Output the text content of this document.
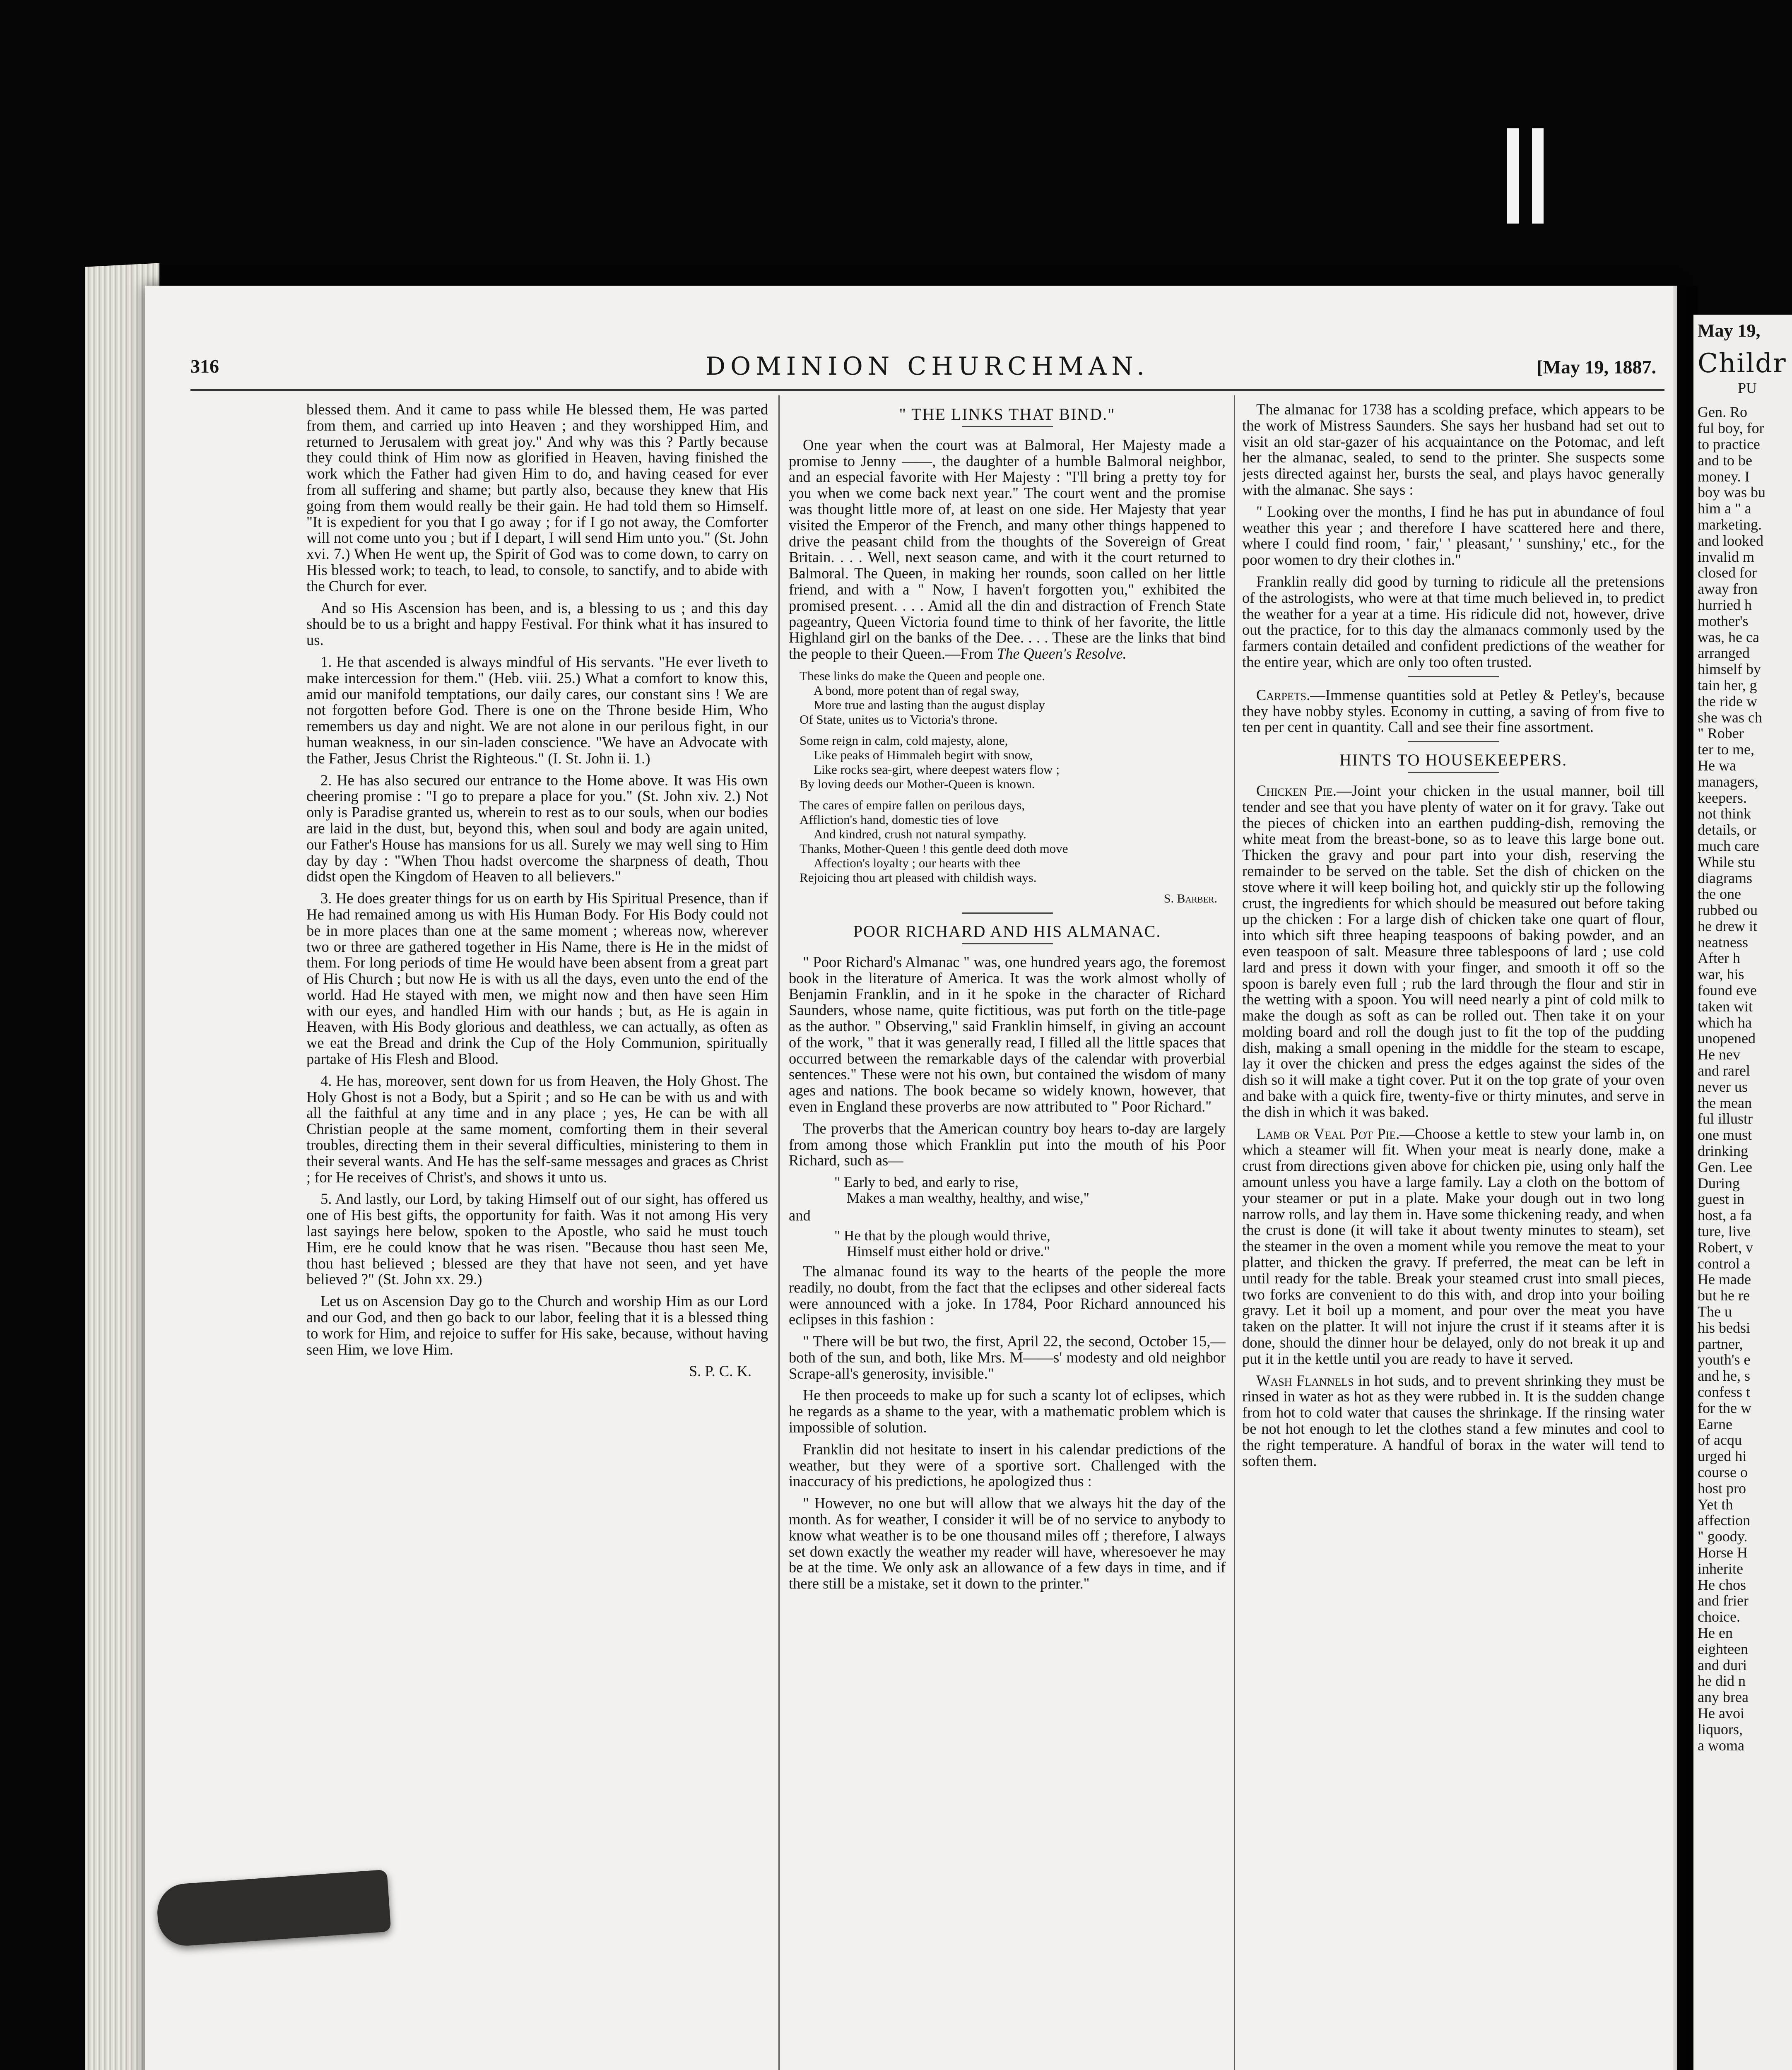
May 19,
Childr
PU
Gen. Ro
ful boy, for
to practice
and to be
money. I
boy was bu
him a " a
marketing.
and looked
invalid m
closed for
away fron
hurried h
mother's
was, he ca
arranged
himself by
tain her, g
the ride w
she was ch
" Rober
ter to me,
He wa
managers,
keepers.
not think
details, or
much care
While stu
diagrams
the one
rubbed ou
he drew it
neatness
After h
war, his
found eve
taken wit
which ha
unopened
He nev
and rarel
never us
the mean
ful illustr
one must
drinking
Gen. Lee
During
guest in
host, a fa
ture, live
Robert, v
control a
He made
but he re
The u
his bedsi
partner,
youth's e
and he, s
confess t
for the w
Earne
of acqu
urged hi
course o
host pro
Yet th
affection
" goody.
Horse H
inherite
He chos
and frier
choice.
He en
eighteen
and duri
he did n
any brea
He avoi
liquors,
a woma
316	DOMINION CHURCHMAN.	[May 19, 1887.

blessed them. And it came to pass while He blessed them, He was parted from them, and carried up into Heaven ; and they worshipped Him, and returned to Jerusalem with great joy." And why was this ? Partly because they could think of Him now as glorified in Heaven, having finished the work which the Father had given Him to do, and having ceased for ever from all suffering and shame; but partly also, because they knew that His going from them would really be their gain. He had told them so Himself. "It is expedient for you that I go away ; for if I go not away, the Comforter will not come unto you ; but if I depart, I will send Him unto you." (St. John xvi. 7.) When He went up, the Spirit of God was to come down, to carry on His blessed work; to teach, to lead, to console, to sanctify, and to abide with the Church for ever.

And so His Ascension has been, and is, a blessing to us ; and this day should be to us a bright and happy Festival. For think what it has insured to us.

1. He that ascended is always mindful of His servants. "He ever liveth to make intercession for them." (Heb. viii. 25.) What a comfort to know this, amid our manifold temptations, our daily cares, our constant sins ! We are not forgotten before God. There is one on the Throne beside Him, Who remembers us day and night. We are not alone in our perilous fight, in our human weakness, in our sin-laden conscience. "We have an Advocate with the Father, Jesus Christ the Righteous." (I. St. John ii. 1.)

2. He has also secured our entrance to the Home above. It was His own cheering promise : "I go to prepare a place for you." (St. John xiv. 2.) Not only is Paradise granted us, wherein to rest as to our souls, when our bodies are laid in the dust, but, beyond this, when soul and body are again united, our Father's House has mansions for us all. Surely we may well sing to Him day by day : "When Thou hadst overcome the sharpness of death, Thou didst open the Kingdom of Heaven to all believers."

3. He does greater things for us on earth by His Spiritual Presence, than if He had remained among us with His Human Body. For His Body could not be in more places than one at the same moment ; whereas now, wherever two or three are gathered together in His Name, there is He in the midst of them. For long periods of time He would have been absent from a great part of His Church ; but now He is with us all the days, even unto the end of the world. Had He stayed with men, we might now and then have seen Him with our eyes, and handled Him with our hands ; but, as He is again in Heaven, with His Body glorious and deathless, we can actually, as often as we eat the Bread and drink the Cup of the Holy Communion, spiritually partake of His Flesh and Blood.

4. He has, moreover, sent down for us from Heaven, the Holy Ghost. The Holy Ghost is not a Body, but a Spirit ; and so He can be with us and with all the faithful at any time and in any place ; yes, He can be with all Christian people at the same moment, comforting them in their several troubles, directing them in their several difficulties, ministering to them in their several wants. And He has the self-same messages and graces as Christ ; for He receives of Christ's, and shows it unto us.

5. And lastly, our Lord, by taking Himself out of our sight, has offered us one of His best gifts, the opportunity for faith. Was it not among His very last sayings here below, spoken to the Apostle, who said he must touch Him, ere he could know that he was risen. "Because thou hast seen Me, thou hast believed ; blessed are they that have not seen, and yet have believed ?" (St. John xx. 29.)

Let us on Ascension Day go to the Church and worship Him as our Lord and our God, and then go back to our labor, feeling that it is a blessed thing to work for Him, and rejoice to suffer for His sake, because, without having seen Him, we love Him.

S. P. C. K.
" THE LINKS THAT BIND."

One year when the court was at Balmoral, Her Majesty made a promise to Jenny ——, the daughter of a humble Balmoral neighbor, and an especial favorite with Her Majesty : "I'll bring a pretty toy for you when we come back next year." The court went and the promise was thought little more of, at least on one side. Her Majesty that year visited the Emperor of the French, and many other things happened to drive the peasant child from the thoughts of the Sovereign of Great Britain. . . . Well, next season came, and with it the court returned to Balmoral. The Queen, in making her rounds, soon called on her little friend, and with a " Now, I haven't forgotten you," exhibited the promised present. . . . Amid all the din and distraction of French State pageantry, Queen Victoria found time to think of her favorite, the little Highland girl on the banks of the Dee. . . . These are the links that bind the people to their Queen.—From The Queen's Resolve.

These links do make the Queen and people one.
A bond, more potent than of regal sway,
More true and lasting than the august display
Of State, unites us to Victoria's throne.
Some reign in calm, cold majesty, alone,
Like peaks of Himmaleh begirt with snow,
Like rocks sea-girt, where deepest waters flow ;
By loving deeds our Mother-Queen is known.
The cares of empire fallen on perilous days,
Affliction's hand, domestic ties of love
And kindred, crush not natural sympathy.
Thanks, Mother-Queen ! this gentle deed doth move
Affection's loyalty ; our hearts with thee
Rejoicing thou art pleased with childish ways.
S. Barber.
POOR RICHARD AND HIS ALMANAC.

" Poor Richard's Almanac " was, one hundred years ago, the foremost book in the literature of America. It was the work almost wholly of Benjamin Franklin, and in it he spoke in the character of Richard Saunders, whose name, quite fictitious, was put forth on the title-page as the author. " Observing," said Franklin himself, in giving an account of the work, " that it was generally read, I filled all the little spaces that occurred between the remarkable days of the calendar with proverbial sentences." These were not his own, but contained the wisdom of many ages and nations. The book became so widely known, however, that even in England these proverbs are now attributed to " Poor Richard."

The proverbs that the American country boy hears to-day are largely from among those which Franklin put into the mouth of his Poor Richard, such as—

" Early to bed, and early to rise,
Makes a man wealthy, healthy, and wise,"
and
" He that by the plough would thrive,
Himself must either hold or drive."

The almanac found its way to the hearts of the people the more readily, no doubt, from the fact that the eclipses and other sidereal facts were announced with a joke. In 1784, Poor Richard announced his eclipses in this fashion :

" There will be but two, the first, April 22, the second, October 15,—both of the sun, and both, like Mrs. M——s' modesty and old neighbor Scrape-all's generosity, invisible."

He then proceeds to make up for such a scanty lot of eclipses, which he regards as a shame to the year, with a mathematic problem which is impossible of solution.

Franklin did not hesitate to insert in his calendar predictions of the weather, but they were of a sportive sort. Challenged with the inaccuracy of his predictions, he apologized thus :

" However, no one but will allow that we always hit the day of the month. As for weather, I consider it will be of no service to anybody to know what weather is to be one thousand miles off ; therefore, I always set down exactly the weather my reader will have, wheresoever he may be at the time. We only ask an allowance of a few days in time, and if there still be a mistake, set it down to the printer."

The almanac for 1738 has a scolding preface, which appears to be the work of Mistress Saunders. She says her husband had set out to visit an old star-gazer of his acquaintance on the Potomac, and left her the almanac, sealed, to send to the printer. She suspects some jests directed against her, bursts the seal, and plays havoc generally with the almanac. She says :

" Looking over the months, I find he has put in abundance of foul weather this year ; and therefore I have scattered here and there, where I could find room, ' fair,' ' pleasant,' ' sunshiny,' etc., for the poor women to dry their clothes in."

Franklin really did good by turning to ridicule all the pretensions of the astrologists, who were at that time much believed in, to predict the weather for a year at a time. His ridicule did not, however, drive out the practice, for to this day the almanacs commonly used by the farmers contain detailed and confident predictions of the weather for the entire year, which are only too often trusted.

Carpets.—Immense quantities sold at Petley & Petley's, because they have nobby styles. Economy in cutting, a saving of from five to ten per cent in quantity. Call and see their fine assortment.

HINTS TO HOUSEKEEPERS.

Chicken Pie.—Joint your chicken in the usual manner, boil till tender and see that you have plenty of water on it for gravy. Take out the pieces of chicken into an earthen pudding-dish, removing the white meat from the breast-bone, so as to leave this large bone out. Thicken the gravy and pour part into your dish, reserving the remainder to be served on the table. Set the dish of chicken on the stove where it will keep boiling hot, and quickly stir up the following crust, the ingredients for which should be measured out before taking up the chicken : For a large dish of chicken take one quart of flour, into which sift three heaping teaspoons of baking powder, and an even teaspoon of salt. Measure three tablespoons of lard ; use cold lard and press it down with your finger, and smooth it off so the spoon is barely even full ; rub the lard through the flour and stir in the wetting with a spoon. You will need nearly a pint of cold milk to make the dough as soft as can be rolled out. Then take it on your molding board and roll the dough just to fit the top of the pudding dish, making a small opening in the middle for the steam to escape, lay it over the chicken and press the edges against the sides of the dish so it will make a tight cover. Put it on the top grate of your oven and bake with a quick fire, twenty-five or thirty minutes, and serve in the dish in which it was baked.

Lamb or Veal Pot Pie.—Choose a kettle to stew your lamb in, on which a steamer will fit. When your meat is nearly done, make a crust from directions given above for chicken pie, using only half the amount unless you have a large family. Lay a cloth on the bottom of your steamer or put in a plate. Make your dough out in two long narrow rolls, and lay them in. Have some thickening ready, and when the crust is done (it will take it about twenty minutes to steam), set the steamer in the oven a moment while you remove the meat to your platter, and thicken the gravy. If preferred, the meat can be left in until ready for the table. Break your steamed crust into small pieces, two forks are convenient to do this with, and drop into your boiling gravy. Let it boil up a moment, and pour over the meat you have taken on the platter. It will not injure the crust if it steams after it is done, should the dinner hour be delayed, only do not break it up and put it in the kettle until you are ready to have it served.

Wash Flannels in hot suds, and to prevent shrinking they must be rinsed in water as hot as they were rubbed in. It is the sudden change from hot to cold water that causes the shrinkage. If the rinsing water be not hot enough to let the clothes stand a few minutes and cool to the right temperature. A handful of borax in the water will tend to soften them.
